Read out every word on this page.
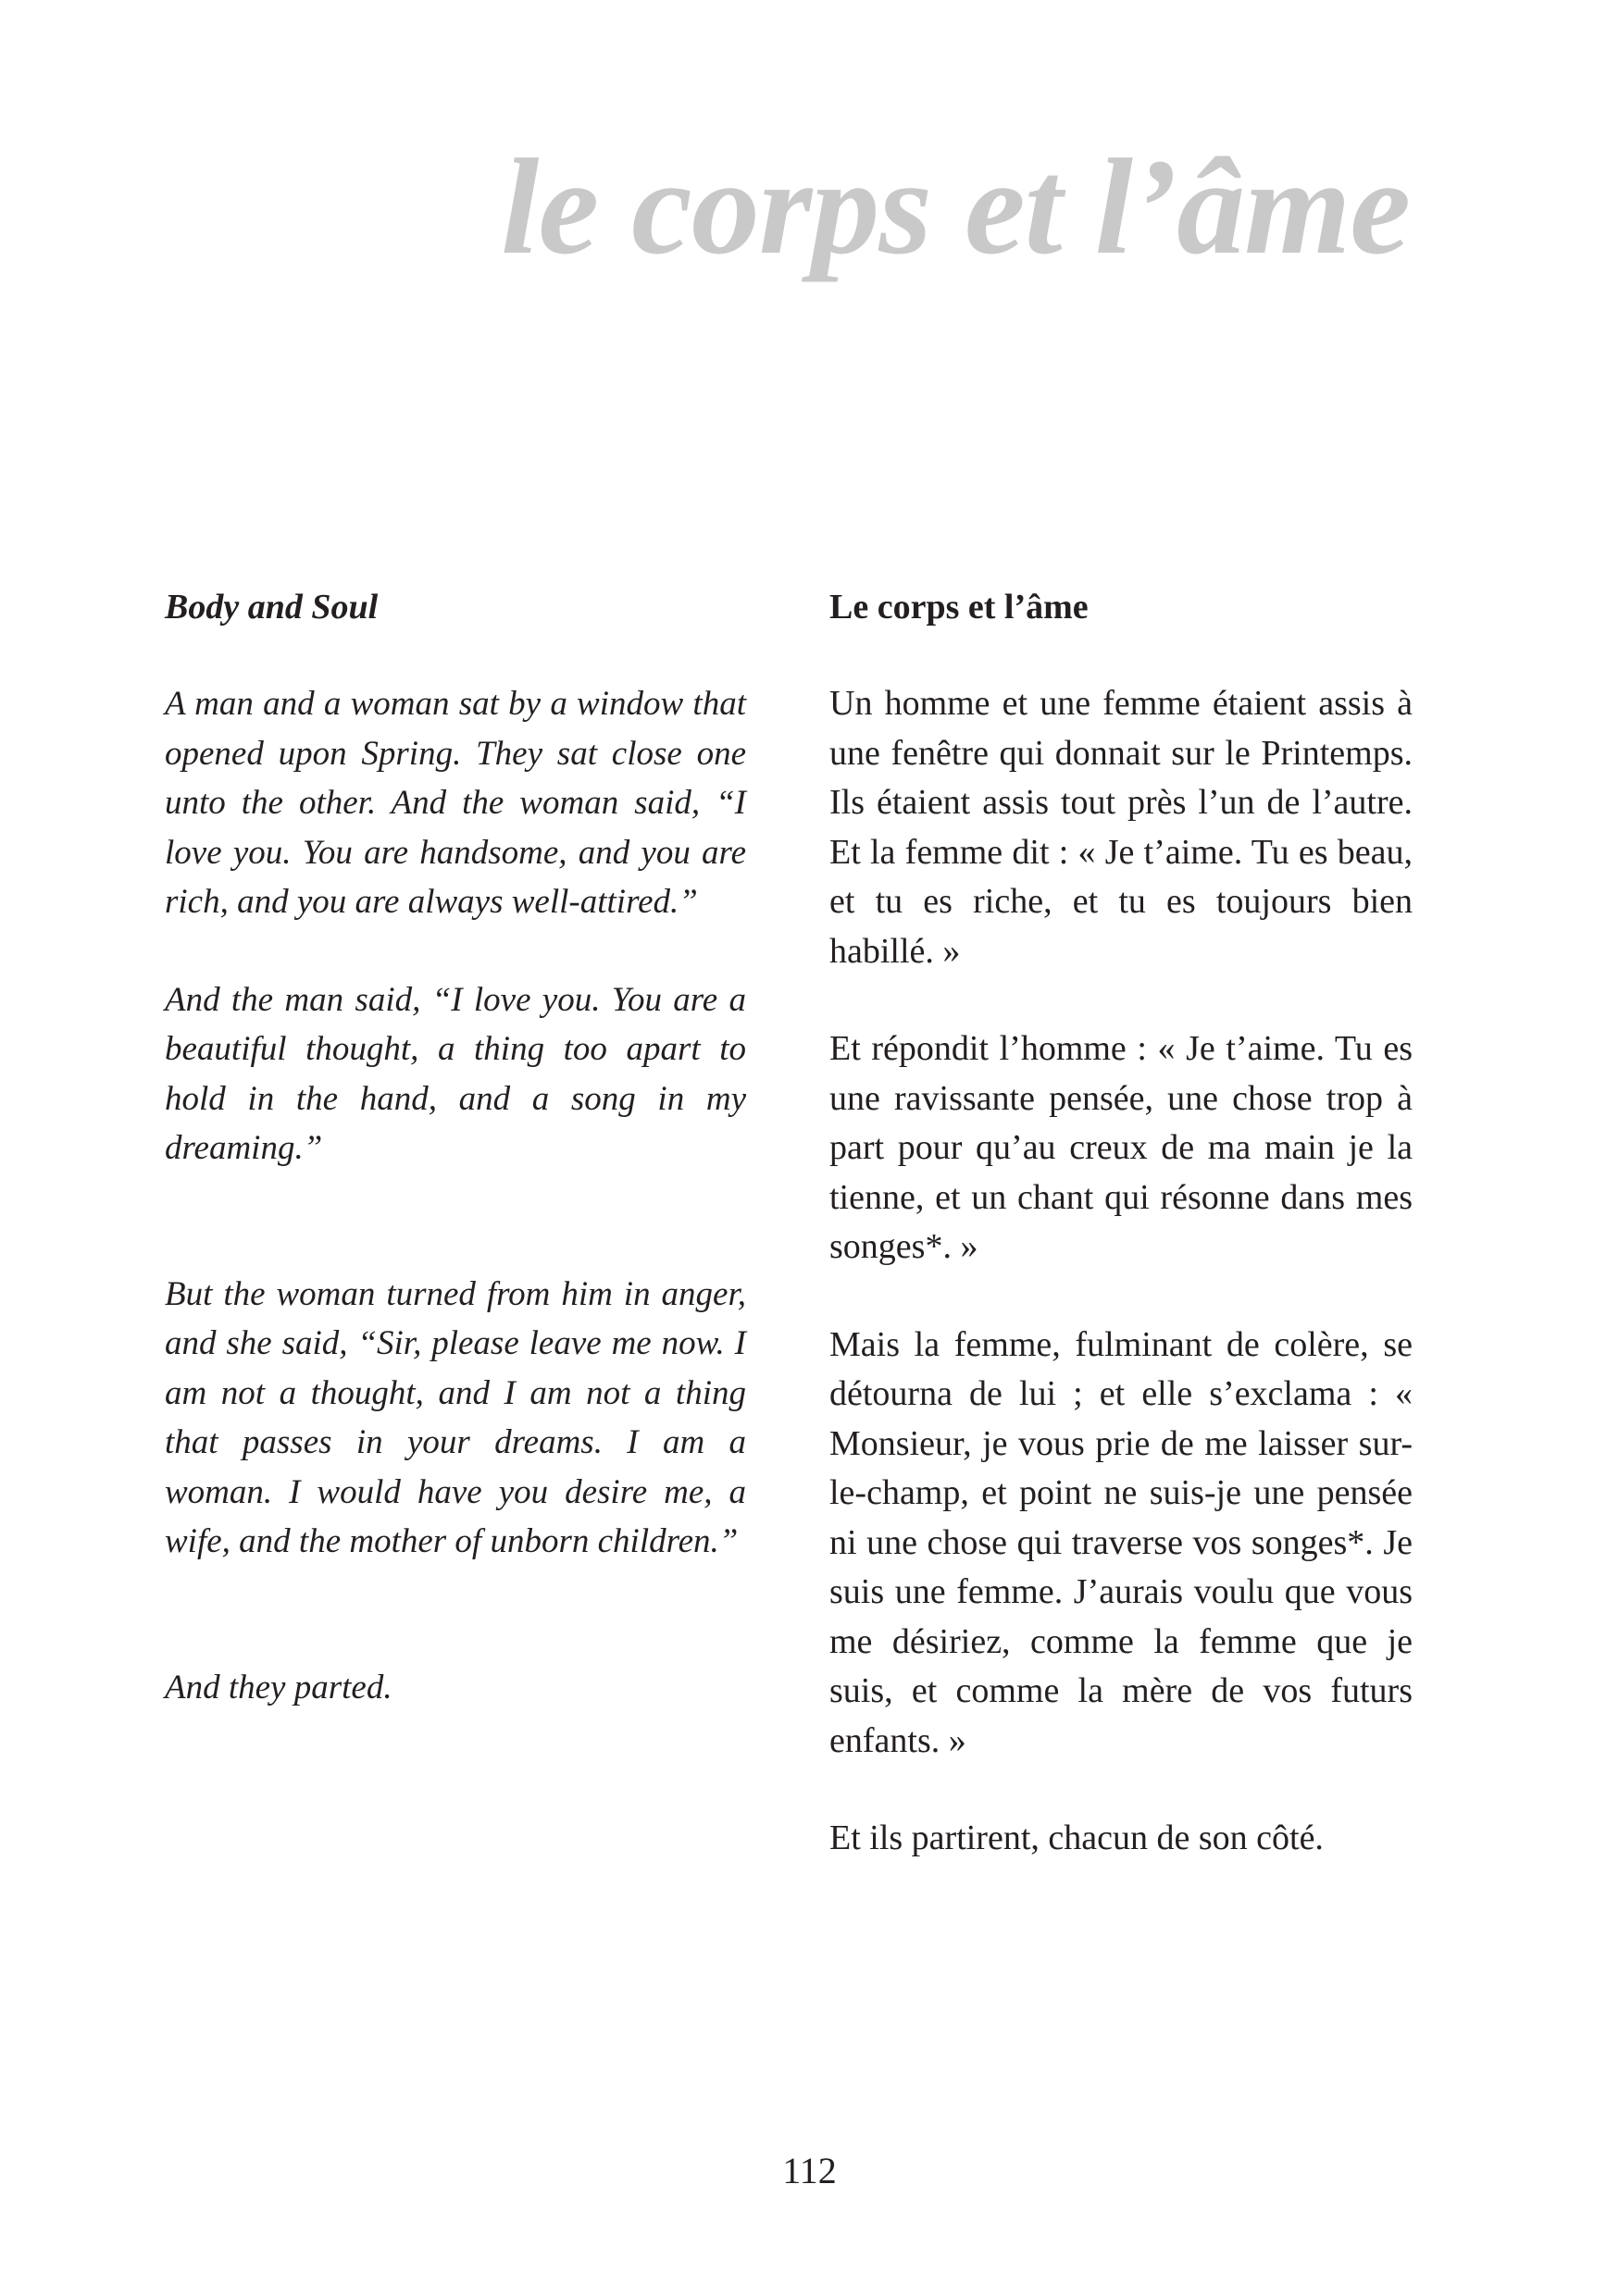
le corps et l’âme
Body and Soul

A man and a woman sat by a window that opened upon Spring. They sat close one unto the other. And the woman said, “I love you. You are handsome, and you are rich, and you are always well-attired.”

And the man said, “I love you. You are a beautiful thought, a thing too apart to hold in the hand, and a song in my dreaming.”

But the woman turned from him in anger, and she said, “Sir, please leave me now. I am not a thought, and I am not a thing that passes in your dreams. I am a woman. I would have you desire me, a wife, and the mother of unborn children.”

And they parted.

Le corps et l’âme

Un homme et une femme étaient assis à une fenêtre qui donnait sur le Printemps. Ils étaient assis tout près l’un de l’autre. Et la femme dit : « Je t’aime. Tu es beau, et tu es riche, et tu es toujours bien habillé. »

Et répondit l’homme : « Je t’aime. Tu es une ravissante pensée, une chose trop à part pour qu’au creux de ma main je la tienne, et un chant qui résonne dans mes songes*. »

Mais la femme, fulminant de colère, se détourna de lui ; et elle s’exclama : « Monsieur, je vous prie de me laisser sur-le-champ, et point ne suis-je une pensée ni une chose qui traverse vos songes*. Je suis une femme. J’aurais voulu que vous me désiriez, comme la femme que je suis, et comme la mère de vos futurs enfants. »

Et ils partirent, chacun de son côté.

112
